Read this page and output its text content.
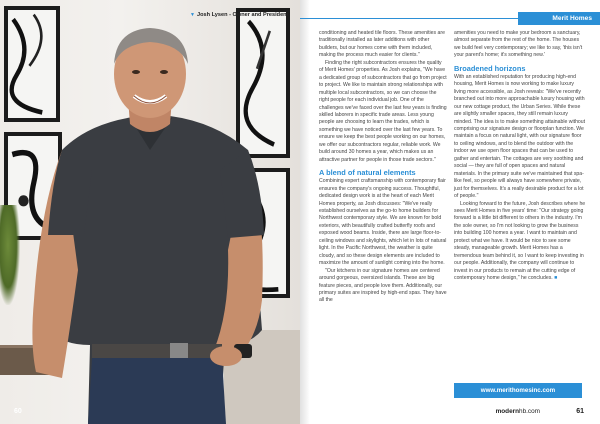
60
▼ Josh Lysen - Owner and President	Merit Homes

conditioning and heated tile floors. These amenities are traditionally installed as later additions with other builders, but our homes come with them included, making the process much easier for clients."

Finding the right subcontractors ensures the quality of Merit Homes' properties. As Josh explains, "We have a dedicated group of subcontractors that go from project to project. We like to maintain strong relationships with multiple local subcontractors, so we can choose the right people for each individual job. One of the challenges we've faced over the last few years is finding skilled laborers in specific trade areas. Less young people are choosing to learn the trades, which is something we have noticed over the last few years. To ensure we keep the best people working on our homes, we offer our subcontractors regular, reliable work. We build around 30 homes a year, which makes us an attractive partner for people in those trade sectors."

A blend of natural elements

Combining expert craftsmanship with contemporary flair ensures the company's ongoing success. Thoughtful, dedicated design work is at the heart of each Merit Homes property, as Josh discusses: "We've really established ourselves as the go-to home builders for Northwest contemporary style. We are known for bold exteriors, with beautifully crafted butterfly roofs and exposed wood beams. Inside, there are large floor-to-ceiling windows and skylights, which let in lots of natural light. In the Pacific Northwest, the weather is quite cloudy, and so these design elements are included to maximize the amount of sunlight coming into the home.

"Our kitchens in our signature homes are centered around gorgeous, oversized islands. These are big feature pieces, and people love them. Additionally, our primary suites are inspired by high-end spas. They have all the

amenities you need to make your bedroom a sanctuary, almost separate from the rest of the home. The houses we build feel very contemporary; we like to say, 'this isn't your parent's home; it's something new.'

Broadened horizons

With an established reputation for producing high-end housing, Merit Homes is now working to make luxury living more accessible, as Josh reveals: "We've recently branched out into more approachable luxury housing with our new cottage product, the Urban Series. While these are slightly smaller spaces, they still remain luxury minded. The idea is to make something attainable without comprising our signature design or floorplan function. We maintain a focus on natural light, with our signature floor to ceiling windows, and to blend the outdoor with the indoor we use open floor spaces that can be used to gather and entertain. The cottages are very soothing and social — they are full of open spaces and natural materials. In the primary suite we've maintained that spa-like feel, so people will always have somewhere private, just for themselves. It's a really desirable product for a lot of people."

Looking forward to the future, Josh describes where he sees Merit Homes in five years' time: "Our strategy going forward is a little bit different to others in the industry. I'm the sole owner, so I'm not looking to grow the business into building 100 homes a year. I want to maintain and protect what we have. It would be nice to see some steady, manageable growth. Merit Homes has a tremendous team behind it, so I want to keep investing in our people. Additionally, the company will continue to invest in our products to remain at the cutting edge of contemporary home design," he concludes. ■

www.merithomesinc.com
modernhb.com	61
